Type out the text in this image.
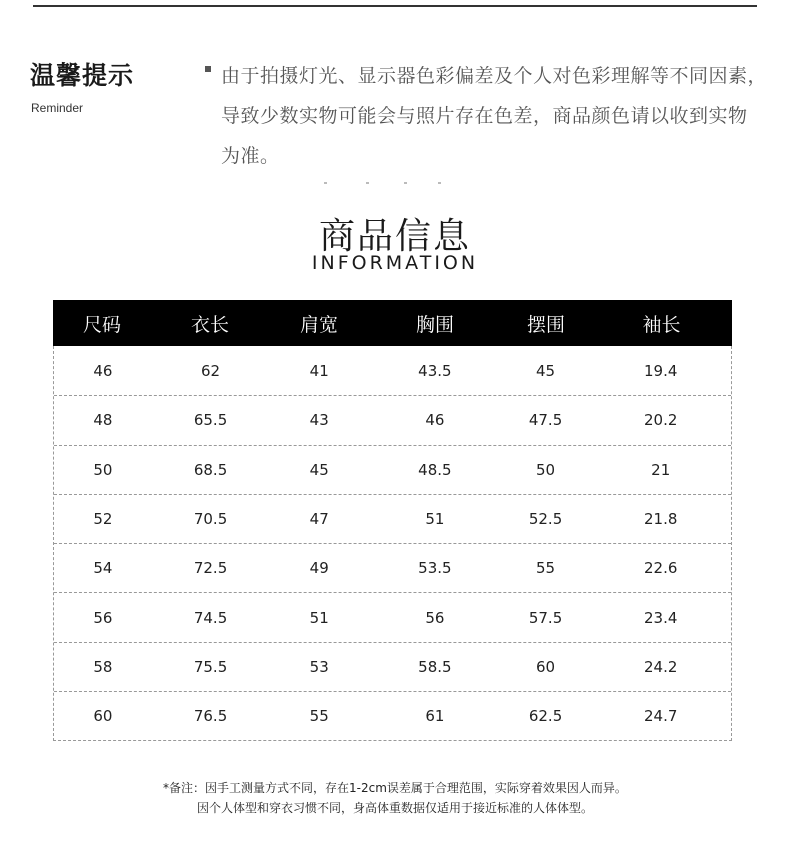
温馨提示
Reminder
由于拍摄灯光、显示器色彩偏差及个人对色彩理解等不同因素，
导致少数实物可能会与照片存在色差，商品颜色请以收到实物
为准。
商品信息
INFORMATION
尺码	衣长	肩宽	胸围	摆围	袖长
46	62	41	43.5	45	19.4
48	65.5	43	46	47.5	20.2
50	68.5	45	48.5	50	21
52	70.5	47	51	52.5	21.8
54	72.5	49	53.5	55	22.6
56	74.5	51	56	57.5	23.4
58	75.5	53	58.5	60	24.2
60	76.5	55	61	62.5	24.7
*备注：因手工测量方式不同，存在1-2cm误差属于合理范围，实际穿着效果因人而异。
因个人体型和穿衣习惯不同，身高体重数据仅适用于接近标准的人体体型。
